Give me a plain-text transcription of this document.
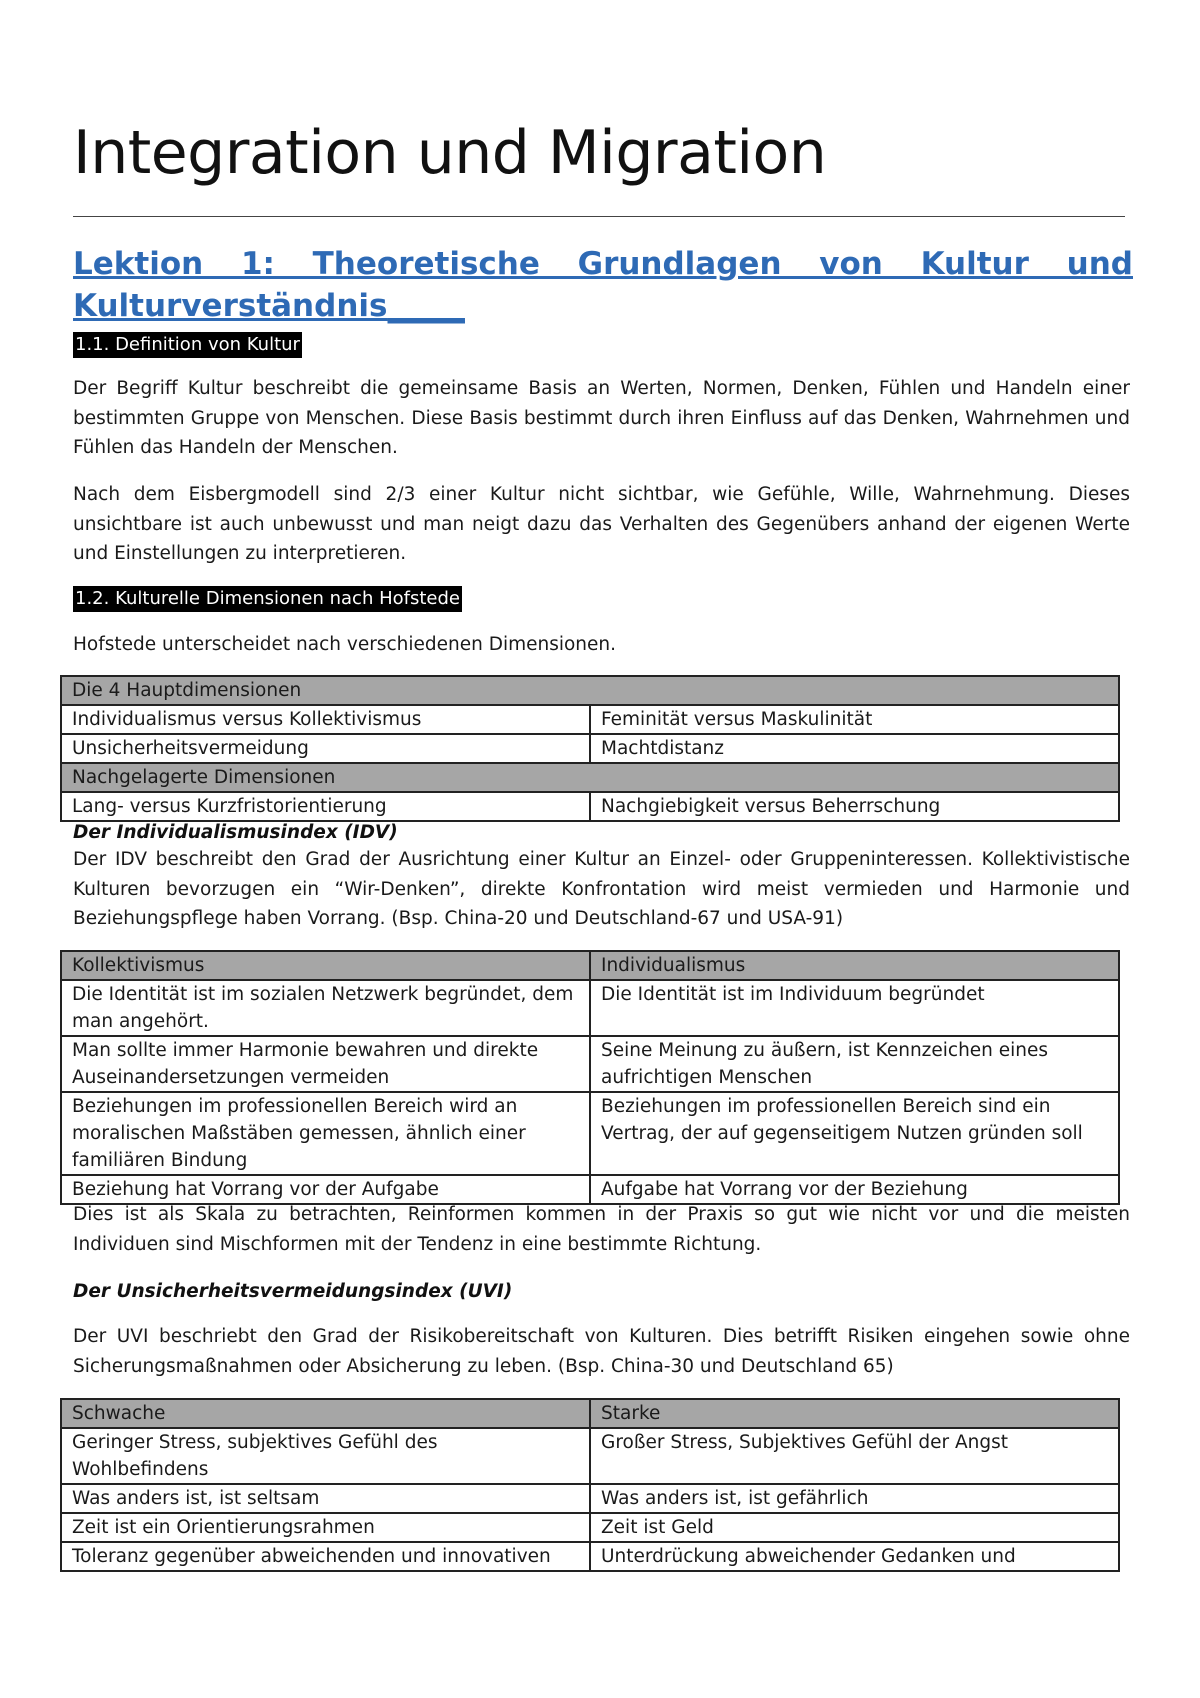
Integration und Migration
Lektion 1: Theoretische Grundlagen von Kultur und Kulturverständnis_____
1.1. Definition von Kultur
Der Begriff Kultur beschreibt die gemeinsame Basis an Werten, Normen, Denken, Fühlen und Handeln einer bestimmten Gruppe von Menschen. Diese Basis bestimmt durch ihren Einfluss auf das Denken, Wahrnehmen und Fühlen das Handeln der Menschen.
Nach dem Eisbergmodell sind 2/3 einer Kultur nicht sichtbar, wie Gefühle, Wille, Wahrnehmung. Dieses unsichtbare ist auch unbewusst und man neigt dazu das Verhalten des Gegenübers anhand der eigenen Werte und Einstellungen zu interpretieren.
1.2. Kulturelle Dimensionen nach Hofstede
Hofstede unterscheidet nach verschiedenen Dimensionen.
Die 4 Hauptdimensionen	
Individualismus versus Kollektivismus	Feminität versus Maskulinität
Unsicherheitsvermeidung	Machtdistanz
Nachgelagerte Dimensionen	
Lang- versus Kurzfristorientierung	Nachgiebigkeit versus Beherrschung
Der Individualismusindex (IDV)
Der IDV beschreibt den Grad der Ausrichtung einer Kultur an Einzel- oder Gruppeninteressen. Kollektivistische Kulturen bevorzugen ein “Wir-Denken”, direkte Konfrontation wird meist vermieden und Harmonie und Beziehungspflege haben Vorrang. (Bsp. China-20 und Deutschland-67 und USA-91)
Kollektivismus	Individualismus
Die Identität ist im sozialen Netzwerk begründet, dem man angehört.	Die Identität ist im Individuum begründet
Man sollte immer Harmonie bewahren und direkte Auseinandersetzungen vermeiden	Seine Meinung zu äußern, ist Kennzeichen eines aufrichtigen Menschen
Beziehungen im professionellen Bereich wird an moralischen Maßstäben gemessen, ähnlich einer familiären Bindung	Beziehungen im professionellen Bereich sind ein Vertrag, der auf gegenseitigem Nutzen gründen soll
Beziehung hat Vorrang vor der Aufgabe	Aufgabe hat Vorrang vor der Beziehung
Dies ist als Skala zu betrachten, Reinformen kommen in der Praxis so gut wie nicht vor und die meisten Individuen sind Mischformen mit der Tendenz in eine bestimmte Richtung.
Der Unsicherheitsvermeidungsindex (UVI)
Der UVI beschriebt den Grad der Risikobereitschaft von Kulturen. Dies betrifft Risiken eingehen sowie ohne Sicherungsmaßnahmen oder Absicherung zu leben. (Bsp. China-30 und Deutschland 65)
Schwache	Starke
Geringer Stress, subjektives Gefühl des Wohlbefindens	Großer Stress, Subjektives Gefühl der Angst
Was anders ist, ist seltsam	Was anders ist, ist gefährlich
Zeit ist ein Orientierungsrahmen	Zeit ist Geld
Toleranz gegenüber abweichenden und innovativen	Unterdrückung abweichender Gedanken und
